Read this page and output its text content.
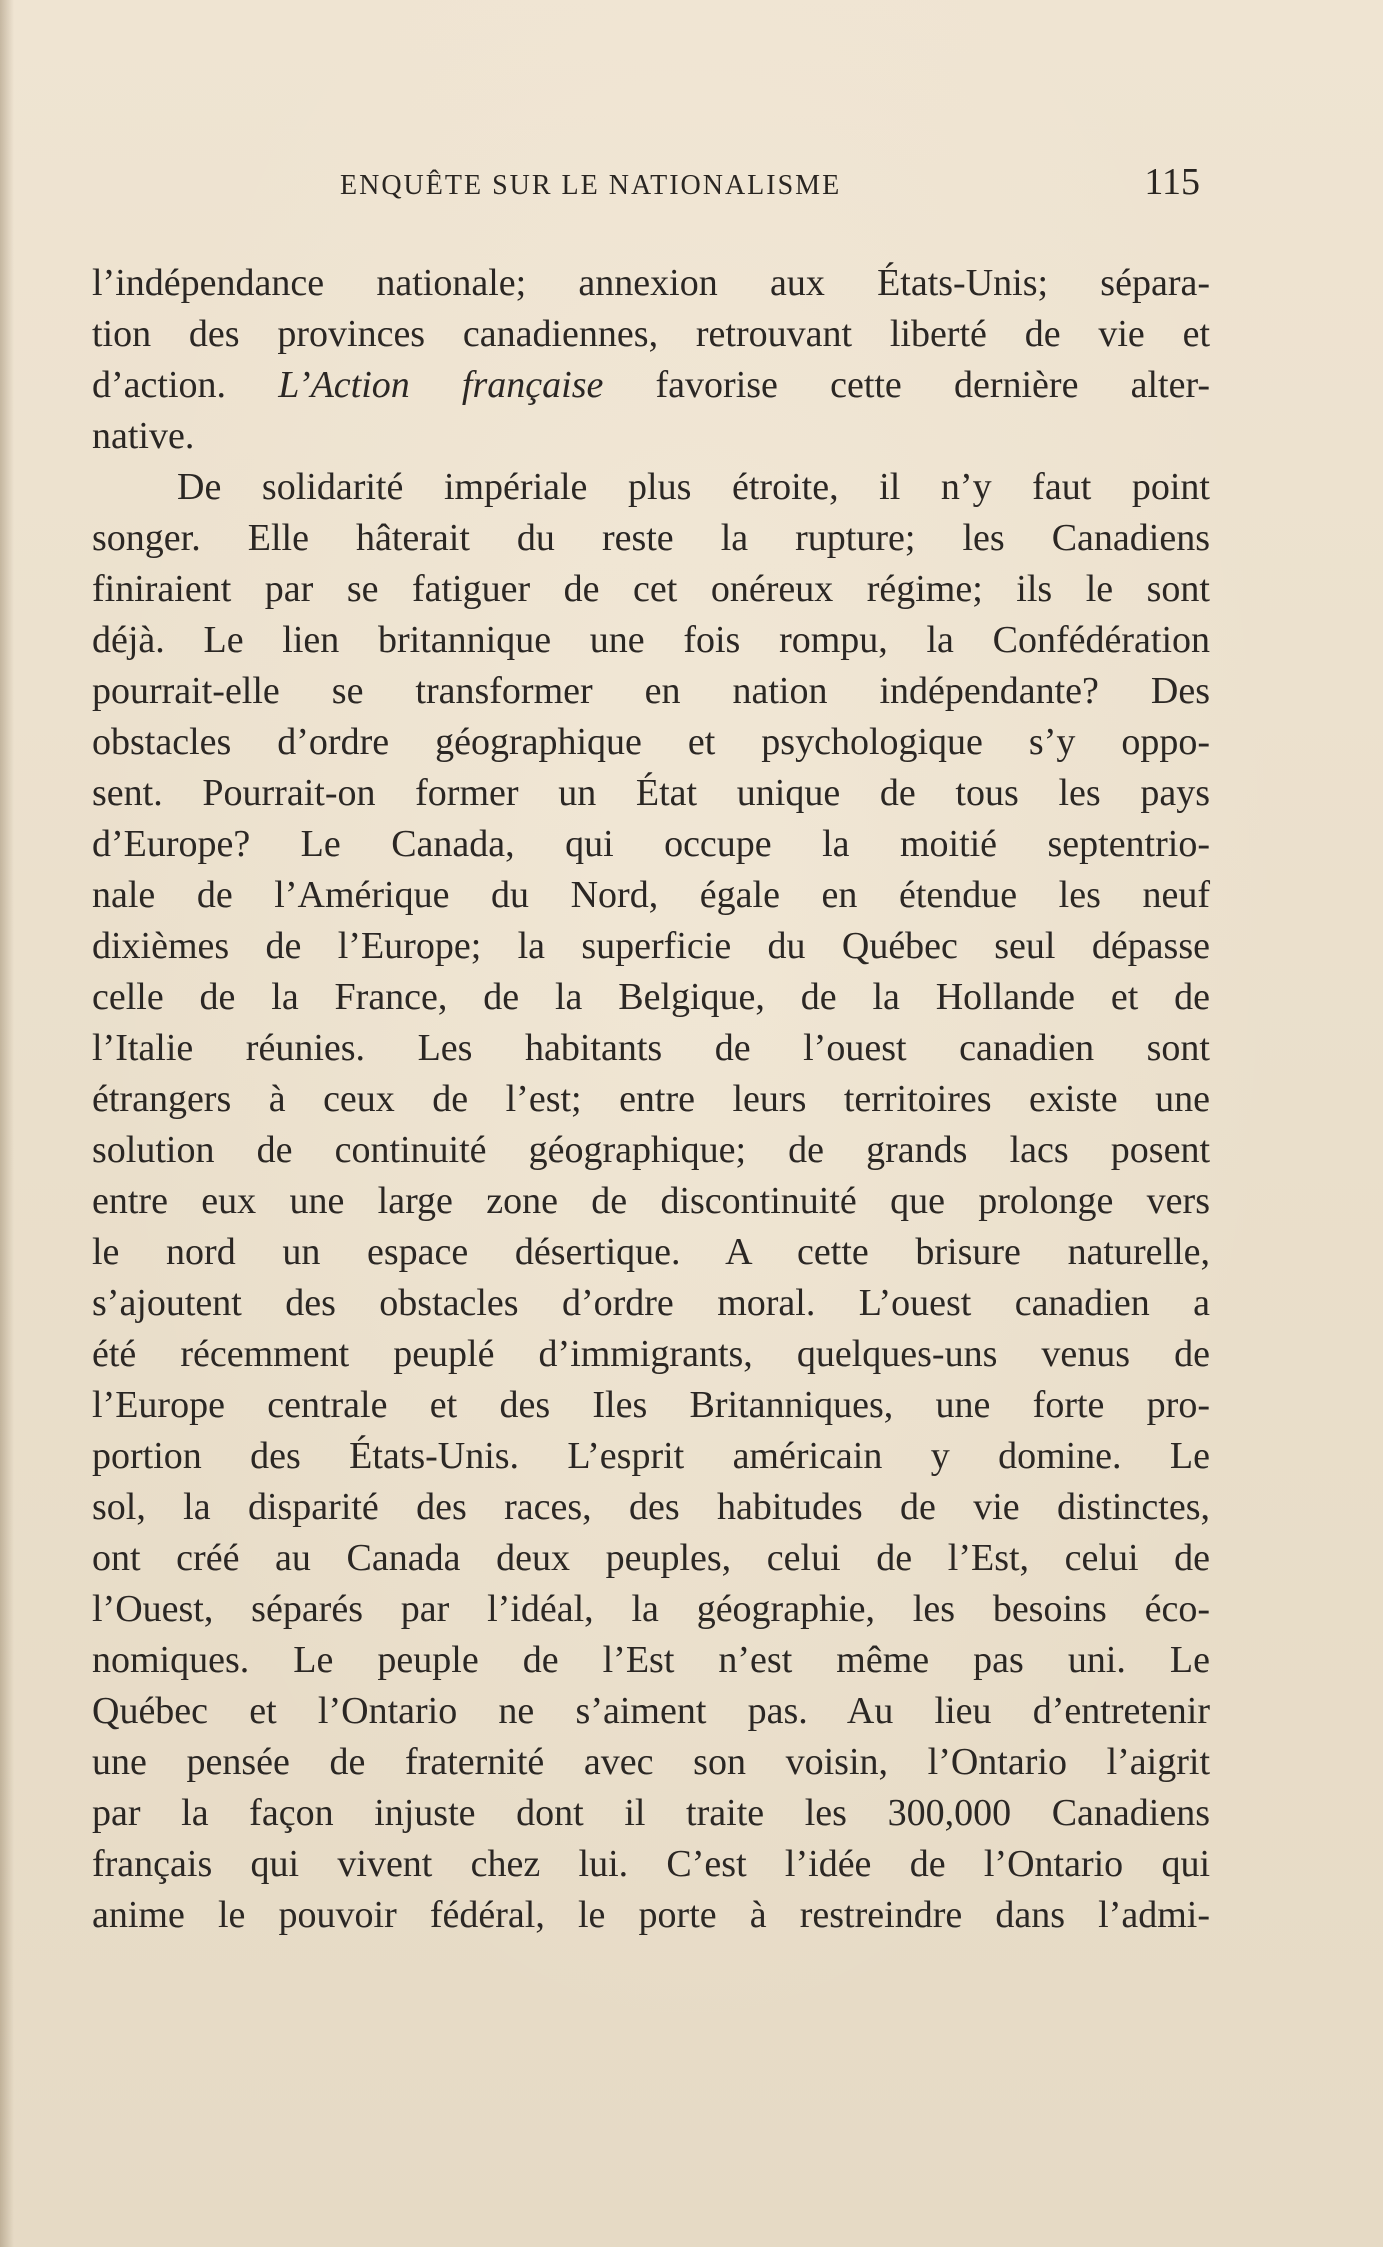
ENQUÊTE SUR LE NATIONALISME	115
l’indépendance nationale; annexion aux États-Unis; sépara-
tion des provinces canadiennes, retrouvant liberté de vie et
d’action. L’Action française favorise cette dernière alter-
native.
De solidarité impériale plus étroite, il n’y faut point
songer. Elle hâterait du reste la rupture; les Canadiens
finiraient par se fatiguer de cet onéreux régime; ils le sont
déjà. Le lien britannique une fois rompu, la Confédération
pourrait-elle se transformer en nation indépendante? Des
obstacles d’ordre géographique et psychologique s’y oppo-
sent. Pourrait-on former un État unique de tous les pays
d’Europe? Le Canada, qui occupe la moitié septentrio-
nale de l’Amérique du Nord, égale en étendue les neuf
dixièmes de l’Europe; la superficie du Québec seul dépasse
celle de la France, de la Belgique, de la Hollande et de
l’Italie réunies. Les habitants de l’ouest canadien sont
étrangers à ceux de l’est; entre leurs territoires existe une
solution de continuité géographique; de grands lacs posent
entre eux une large zone de discontinuité que prolonge vers
le nord un espace désertique. A cette brisure naturelle,
s’ajoutent des obstacles d’ordre moral. L’ouest canadien a
été récemment peuplé d’immigrants, quelques-uns venus de
l’Europe centrale et des Iles Britanniques, une forte pro-
portion des États-Unis. L’esprit américain y domine. Le
sol, la disparité des races, des habitudes de vie distinctes,
ont créé au Canada deux peuples, celui de l’Est, celui de
l’Ouest, séparés par l’idéal, la géographie, les besoins éco-
nomiques. Le peuple de l’Est n’est même pas uni. Le
Québec et l’Ontario ne s’aiment pas. Au lieu d’entretenir
une pensée de fraternité avec son voisin, l’Ontario l’aigrit
par la façon injuste dont il traite les 300,000 Canadiens
français qui vivent chez lui. C’est l’idée de l’Ontario qui
anime le pouvoir fédéral, le porte à restreindre dans l’admi-
